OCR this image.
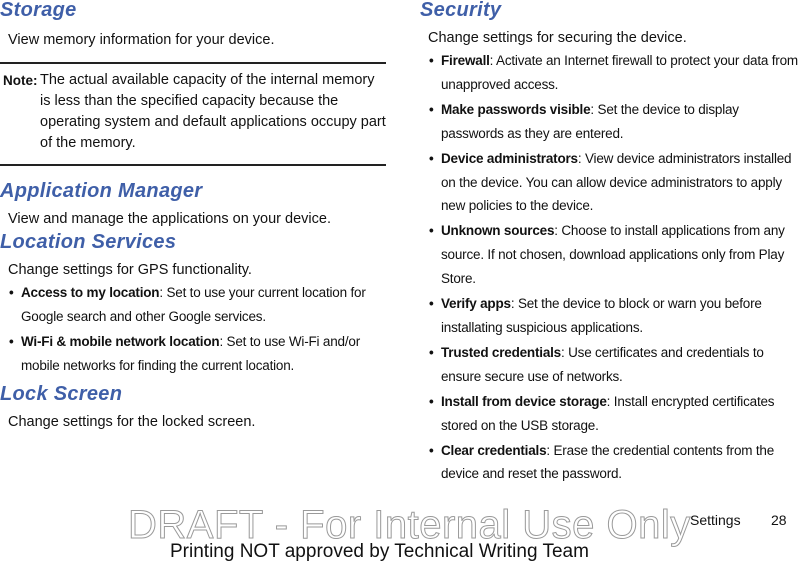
Storage

View memory information for your device.

Note: The actual available capacity of the internal memory is less than the specified capacity because the operating system and default applications occupy part of the memory.
Application Manager

View and manage the applications on your device.

Location Services

Change settings for GPS functionality.

• Access to my location: Set to use your current location for Google search and other Google services.
• Wi-Fi & mobile network location: Set to use Wi-Fi and/or mobile networks for finding the current location.
Lock Screen

Change settings for the locked screen.

Security

Change settings for securing the device.

• Firewall: Activate an Internet firewall to protect your data from unapproved access.
• Make passwords visible: Set the device to display passwords as they are entered.
• Device administrators: View device administrators installed on the device. You can allow device administrators to apply new policies to the device.
• Unknown sources: Choose to install applications from any source. If not chosen, download applications only from Play Store.
• Verify apps: Set the device to block or warn you before installating suspicious applications.
• Trusted credentials: Use certificates and credentials to ensure secure use of networks.
• Install from device storage: Install encrypted certificates stored on the USB storage.
• Clear credentials: Erase the credential contents from the device and reset the password.
Settings 28
DRAFT - For Internal Use Only
Printing NOT approved by Technical Writing Team
